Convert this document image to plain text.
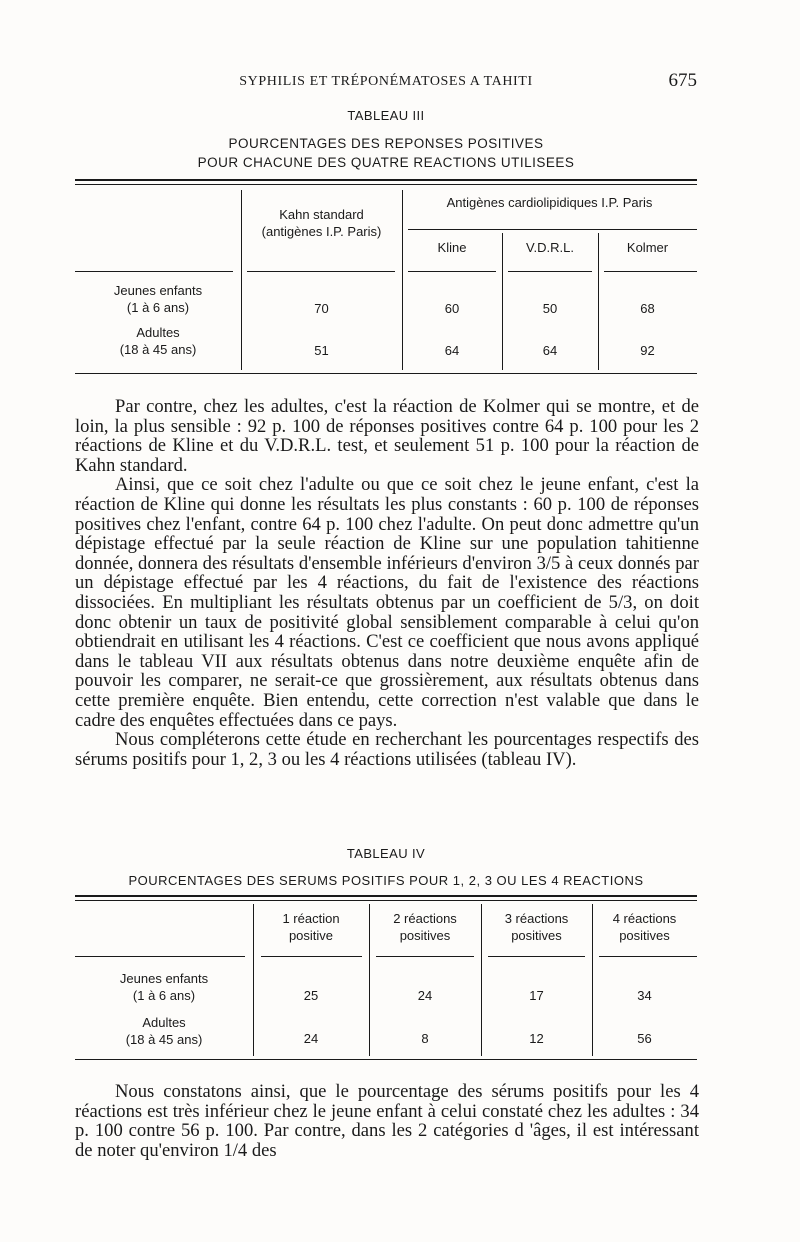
SYPHILIS ET TRÉPONÉMATOSES A TAHITI	675
TABLEAU III
POURCENTAGES DES REPONSES POSITIVES
POUR CHACUNE DES QUATRE REACTIONS UTILISEES
Kahn standard
(antigènes I.P. Paris)
Antigènes cardiolipidiques I.P. Paris
Kline	V.D.R.L.	Kolmer
Jeunes enfants
(1 à 6 ans)	70	60	50	68
Adultes
(18 à 45 ans)	51	64	64	92

Par contre, chez les adultes, c'est la réaction de Kolmer qui se montre, et de loin, la plus sensible : 92 p. 100 de réponses positives contre 64 p. 100 pour les 2 réactions de Kline et du V.D.R.L. test, et seulement 51 p. 100 pour la réaction de Kahn standard.

Ainsi, que ce soit chez l'adulte ou que ce soit chez le jeune enfant, c'est la réaction de Kline qui donne les résultats les plus constants : 60 p. 100 de réponses positives chez l'enfant, contre 64 p. 100 chez l'adulte. On peut donc admettre qu'un dépistage effectué par la seule réaction de Kline sur une population tahitienne donnée, donnera des résultats d'ensemble inférieurs d'environ 3/5 à ceux donnés par un dépistage effectué par les 4 réactions, du fait de l'existence des réactions dissociées. En multipliant les résultats obtenus par un coefficient de 5/3, on doit donc obtenir un taux de positivité global sensiblement comparable à celui qu'on obtiendrait en utilisant les 4 réactions. C'est ce coefficient que nous avons appliqué dans le tableau VII aux résultats obtenus dans notre deuxième enquête afin de pouvoir les comparer, ne serait-ce que grossièrement, aux résultats obtenus dans cette première enquête. Bien entendu, cette correction n'est valable que dans le cadre des enquêtes effectuées dans ce pays.

Nous compléterons cette étude en recherchant les pourcentages respectifs des sérums positifs pour 1, 2, 3 ou les 4 réactions utilisées (tableau IV).

TABLEAU IV
POURCENTAGES DES SERUMS POSITIFS POUR 1, 2, 3 OU LES 4 REACTIONS
1 réaction
positive
2 réactions
positives
3 réactions
positives
4 réactions
positives
Jeunes enfants
(1 à 6 ans)	25	24	17	34
Adultes
(18 à 45 ans)	24	8	12	56

Nous constatons ainsi, que le pourcentage des sérums positifs pour les 4 réactions est très inférieur chez le jeune enfant à celui constaté chez les adultes : 34 p. 100 contre 56 p. 100. Par contre, dans les 2 catégories d 'âges, il est intéressant de noter qu'environ 1/4 des
